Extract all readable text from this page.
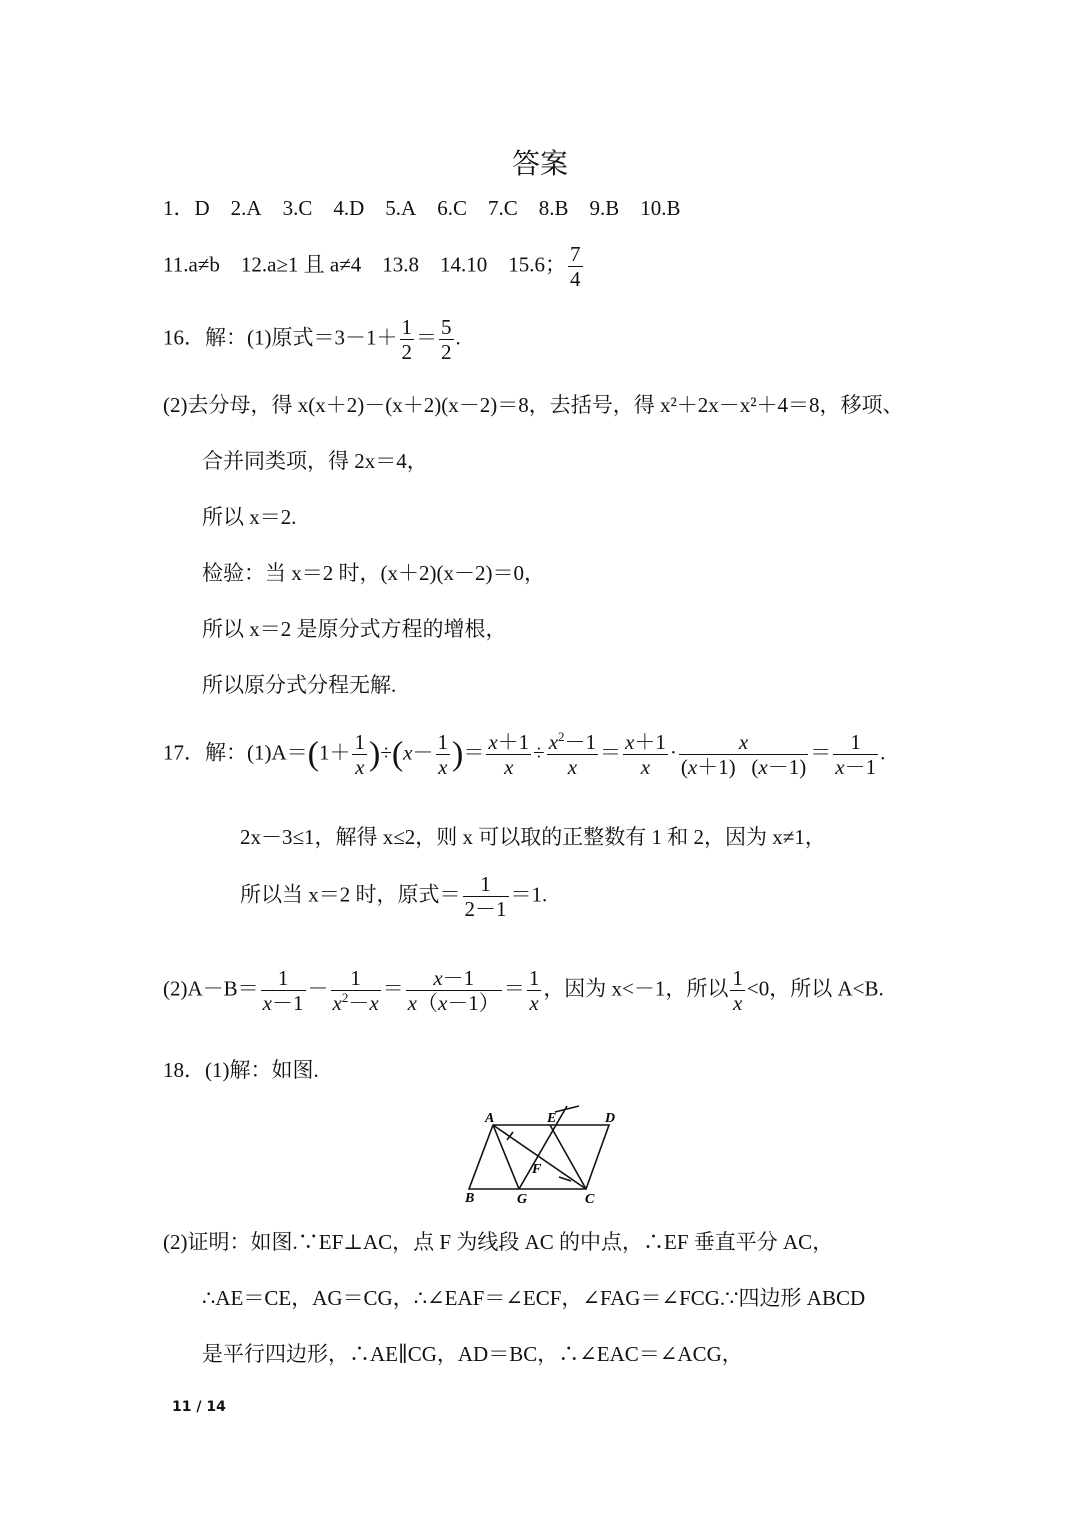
答案
1．D 2.A 3.C 4.D 5.A 6.C 7.C 8.B 9.B 10.B
11.a≠b 12.a≥1 且 a≠4 13.8 14.10 15.6； $\frac{7}{4}$
16．解：(1)原式$=3-1+ \frac{1}{2} = \frac{5}{2}$ .
(2)去分母，得 x(x＋2)－(x＋2)(x－2)＝8，去括号，得 x²＋2x－x²＋4＝8，移项、
合并同类项，得 2x＝4，
所以 x＝2.
检验：当 x＝2 时，(x＋2)(x－2)＝0，
所以 x＝2 是原分式方程的增根，
所以原分式分程无解.
17．解：$(1)A=(1+ \frac{1}{x} )\div(x- \frac{1}{x}$ )＝ $\frac{x+1}{x} \div \frac{x^2-1}{x} = \frac{x+1}{x} \cdot \frac{x}{(x+1) (x-1)} = \frac{1}{x-1}$ .
2x－3≤1，解得 x≤2，则 x 可以取的正整数有 1 和 2，因为 x≠1，
所以当 x＝2 时，原式＝ $\frac{1}{2-1} =1$.
$(2)A-B= \frac{1}{x-1} - \frac{1}{x^2-x} = \frac{x-1}{x(x-1)} = \frac{1}{x}$ ，因为 x<－1，所以 $\frac{1}{x} <0$，所以 A<B.
18．(1)解：如图.
A	E	D
F
B	G	C
(2)证明：如图.∵EF⊥AC，点 F 为线段 AC 的中点，∴EF 垂直平分 AC，
∴AE＝CE，AG＝CG，∴∠EAF＝∠ECF，∠FAG＝∠FCG.∵四边形 ABCD
是平行四边形，∴AE∥CG，AD＝BC，∴∠EAC＝∠ACG，
11 / 14
